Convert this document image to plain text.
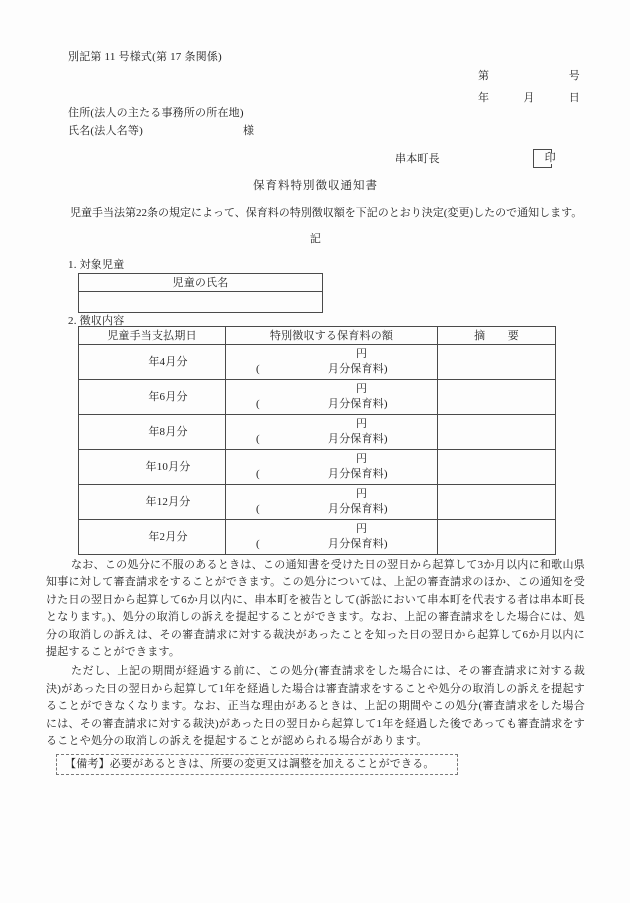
別記第 11 号様式(第 17 条関係)
第	号
年	月	日
住所(法人の主たる事務所の所在地)
氏名(法人名等)	様
串本町長	印
保育料特別徴収通知書

児童手当法第22条の規定によって、保育料の特別徴収額を下記のとおり決定(変更)したので通知します。

記
1. 対象児童
児童の氏名

2. 徴収内容
児童手当支払期日	特別徴収する保育料の額	摘　　要
年4月分	円
( 月分保育料)	

年6月分	円
( 月分保育料)	

年8月分	円
( 月分保育料)	

年10月分	円
( 月分保育料)	

年12月分	円
( 月分保育料)	

年2月分	円
( 月分保育料)	

なお、この処分に不服のあるときは、この通知書を受けた日の翌日から起算して3か月以内に和歌山県知事に対して審査請求をすることができます。この処分については、上記の審査請求のほか、この通知を受けた日の翌日から起算して6か月以内に、串本町を被告として(訴訟において串本町を代表する者は串本町長となります。)、処分の取消しの訴えを提起することができます。なお、上記の審査請求をした場合には、処分の取消しの訴えは、その審査請求に対する裁決があったことを知った日の翌日から起算して6か月以内に提起することができます。

ただし、上記の期間が経過する前に、この処分(審査請求をした場合には、その審査請求に対する裁決)があった日の翌日から起算して1年を経過した場合は審査請求をすることや処分の取消しの訴えを提起することができなくなります。なお、正当な理由があるときは、上記の期間やこの処分(審査請求をした場合には、その審査請求に対する裁決)があった日の翌日から起算して1年を経過した後であっても審査請求をすることや処分の取消しの訴えを提起することが認められる場合があります。

【備考】必要があるときは、所要の変更又は調整を加えることができる。
